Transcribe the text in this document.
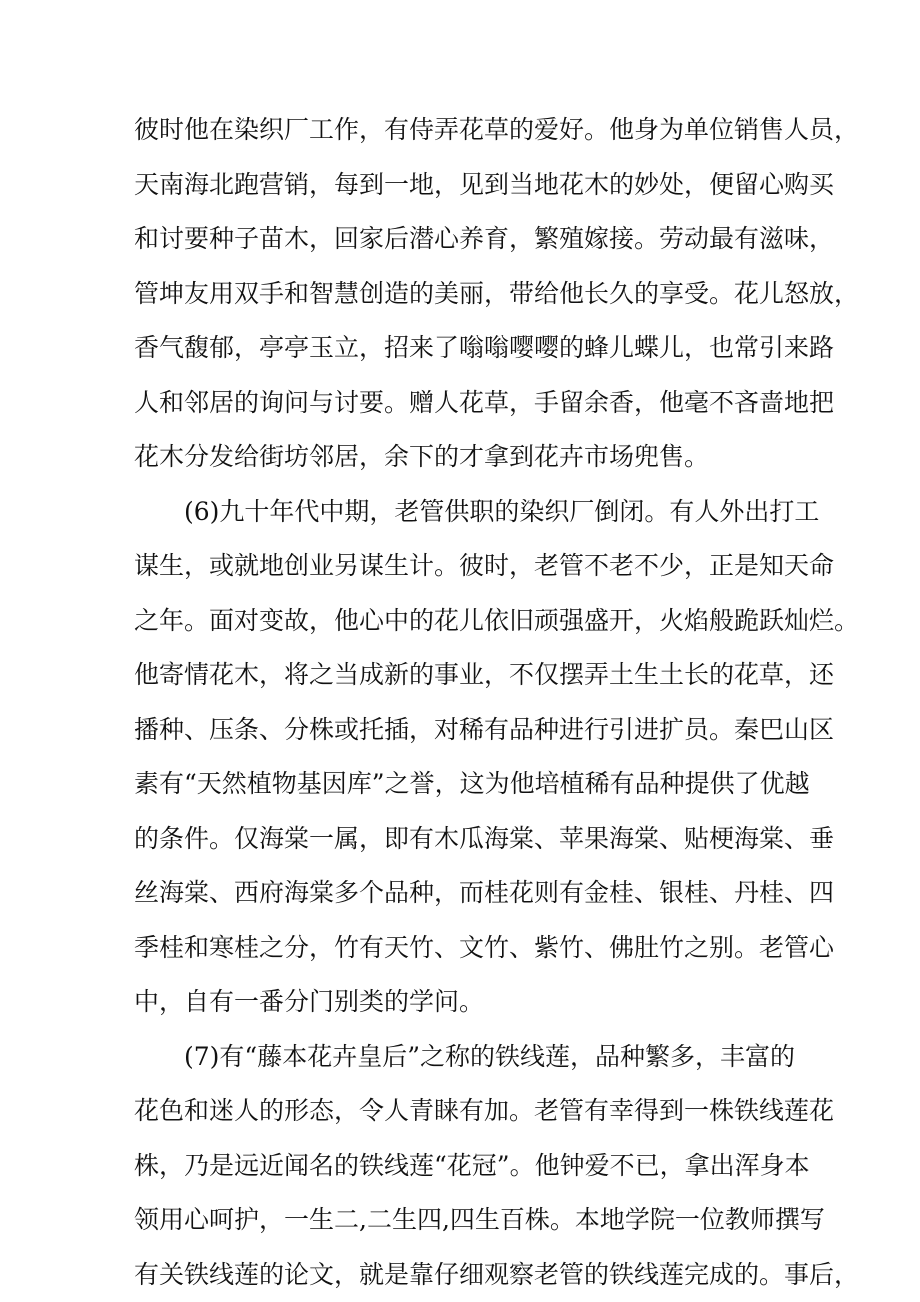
彼时他在染织厂工作，有侍弄花草的爱好。他身为单位销售人员，
天南海北跑营销，每到一地，见到当地花木的妙处，便留心购买
和讨要种子苗木，回家后潜心养育，繁殖嫁接。劳动最有滋味，
管坤友用双手和智慧创造的美丽，带给他长久的享受。花儿怒放，
香气馥郁，亭亭玉立，招来了嗡嗡嘤嘤的蜂儿蝶儿，也常引来路
人和邻居的询问与讨要。赠人花草，手留余香，他毫不吝啬地把
花木分发给街坊邻居，余下的才拿到花卉市场兜售。
(6)九十年代中期，老管供职的染织厂倒闭。有人外出打工
谋生，或就地创业另谋生计。彼时，老管不老不少，正是知天命
之年。面对变故，他心中的花儿依旧顽强盛开，火焰般跪跃灿烂。
他寄情花木，将之当成新的事业，不仅摆弄土生土长的花草，还
播种、压条、分株或托插，对稀有品种进行引进扩员。秦巴山区
素有“天然植物基因库”之誉，这为他培植稀有品种提供了优越
的条件。仅海棠一属，即有木瓜海棠、苹果海棠、贴梗海棠、垂
丝海棠、西府海棠多个品种，而桂花则有金桂、银桂、丹桂、四
季桂和寒桂之分，竹有天竹、文竹、紫竹、佛肚竹之别。老管心
中，自有一番分门别类的学问。
(7)有“藤本花卉皇后”之称的铁线莲，品种繁多，丰富的
花色和迷人的形态，令人青睐有加。老管有幸得到一株铁线莲花
株，乃是远近闻名的铁线莲“花冠”。他钟爱不已，拿出浑身本
领用心呵护，一生二,二生四,四生百株。本地学院一位教师撰写
有关铁线莲的论文，就是靠仔细观察老管的铁线莲完成的。事后，
